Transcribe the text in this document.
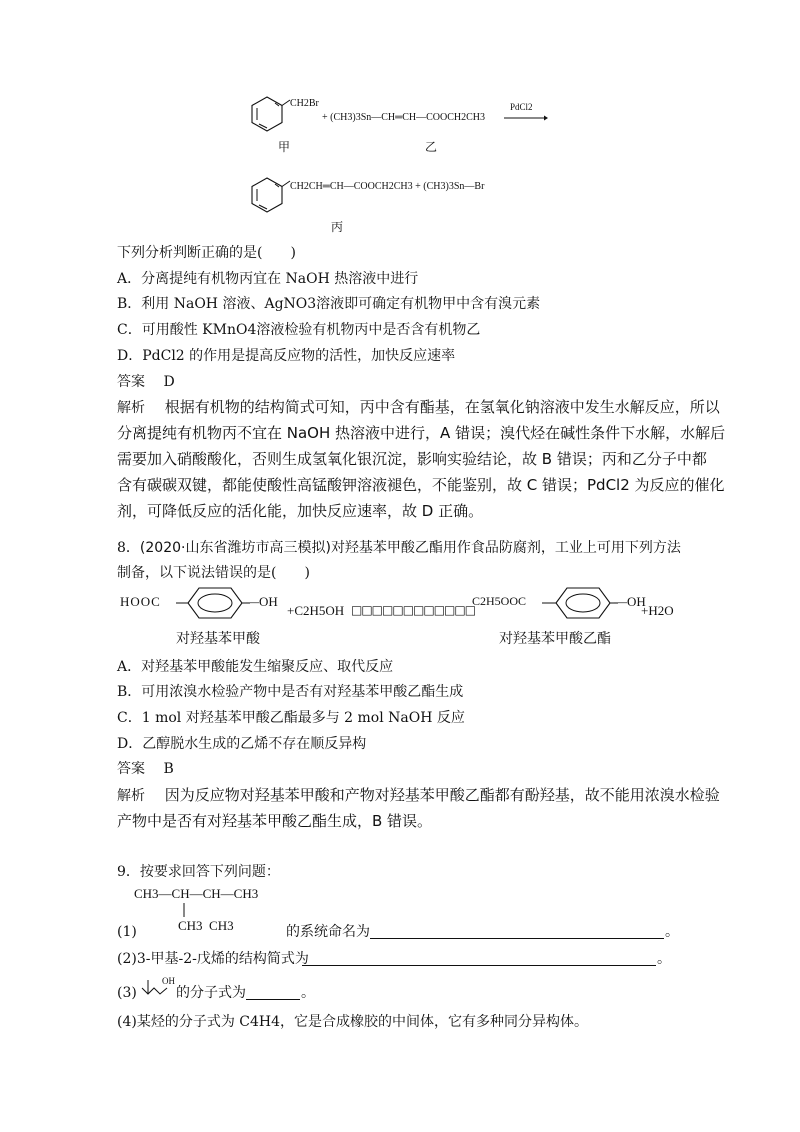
CH2Br
+ (CH3)3Sn—CH═CH—COOCH2CH3
PdCl2
甲	乙
CH2CH═CH—COOCH2CH3 + (CH3)3Sn—Br
丙
下列分析判断正确的是(　　)
A．分离提纯有机物丙宜在 NaOH 热溶液中进行
B．利用 NaOH 溶液、AgNO3溶液即可确定有机物甲中含有溴元素
C．可用酸性 KMnO4溶液检验有机物丙中是否含有机物乙
D．PdCl2 的作用是提高反应物的活性，加快反应速率
答案　 D
解析　 根据有机物的结构简式可知，丙中含有酯基，在氢氧化钠溶液中发生水解反应，所以
分离提纯有机物丙不宜在 NaOH 热溶液中进行，A 错误；溴代烃在碱性条件下水解，水解后
需要加入硝酸酸化，否则生成氢氧化银沉淀，影响实验结论，故 B 错误；丙和乙分子中都
含有碳碳双键，都能使酸性高锰酸钾溶液褪色，不能鉴别，故 C 错误；PdCl2 为反应的催化
剂，可降低反应的活化能，加快反应速率，故 D 正确。
8．(2020·山东省潍坊市高三模拟)对羟基苯甲酸乙酯用作食品防腐剂，工业上可用下列方法
制备，以下说法错误的是(　　)
HOOC	—OH
+C2H5OH □□□□□□□□□□□□
C2H5OOC	—OH
+H2O
对羟基苯甲酸	对羟基苯甲酸乙酯
A．对羟基苯甲酸能发生缩聚反应、取代反应
B．可用浓溴水检验产物中是否有对羟基苯甲酸乙酯生成
C．1 mol 对羟基苯甲酸乙酯最多与 2 mol NaOH 反应
D．乙醇脱水生成的乙烯不存在顺反异构
答案　 B
解析　 因为反应物对羟基苯甲酸和产物对羟基苯甲酸乙酯都有酚羟基，故不能用浓溴水检验
产物中是否有对羟基苯甲酸乙酯生成，B 错误。
9．按要求回答下列问题：
CH3—CH—CH—CH3
CH3  CH3
(1)	的系统命名为	。
(2)3-甲基-2-戊烯的结构简式为	。
(3)
OH
的分子式为	。
(4)某烃的分子式为 C4H4，它是合成橡胶的中间体，它有多种同分异构体。
